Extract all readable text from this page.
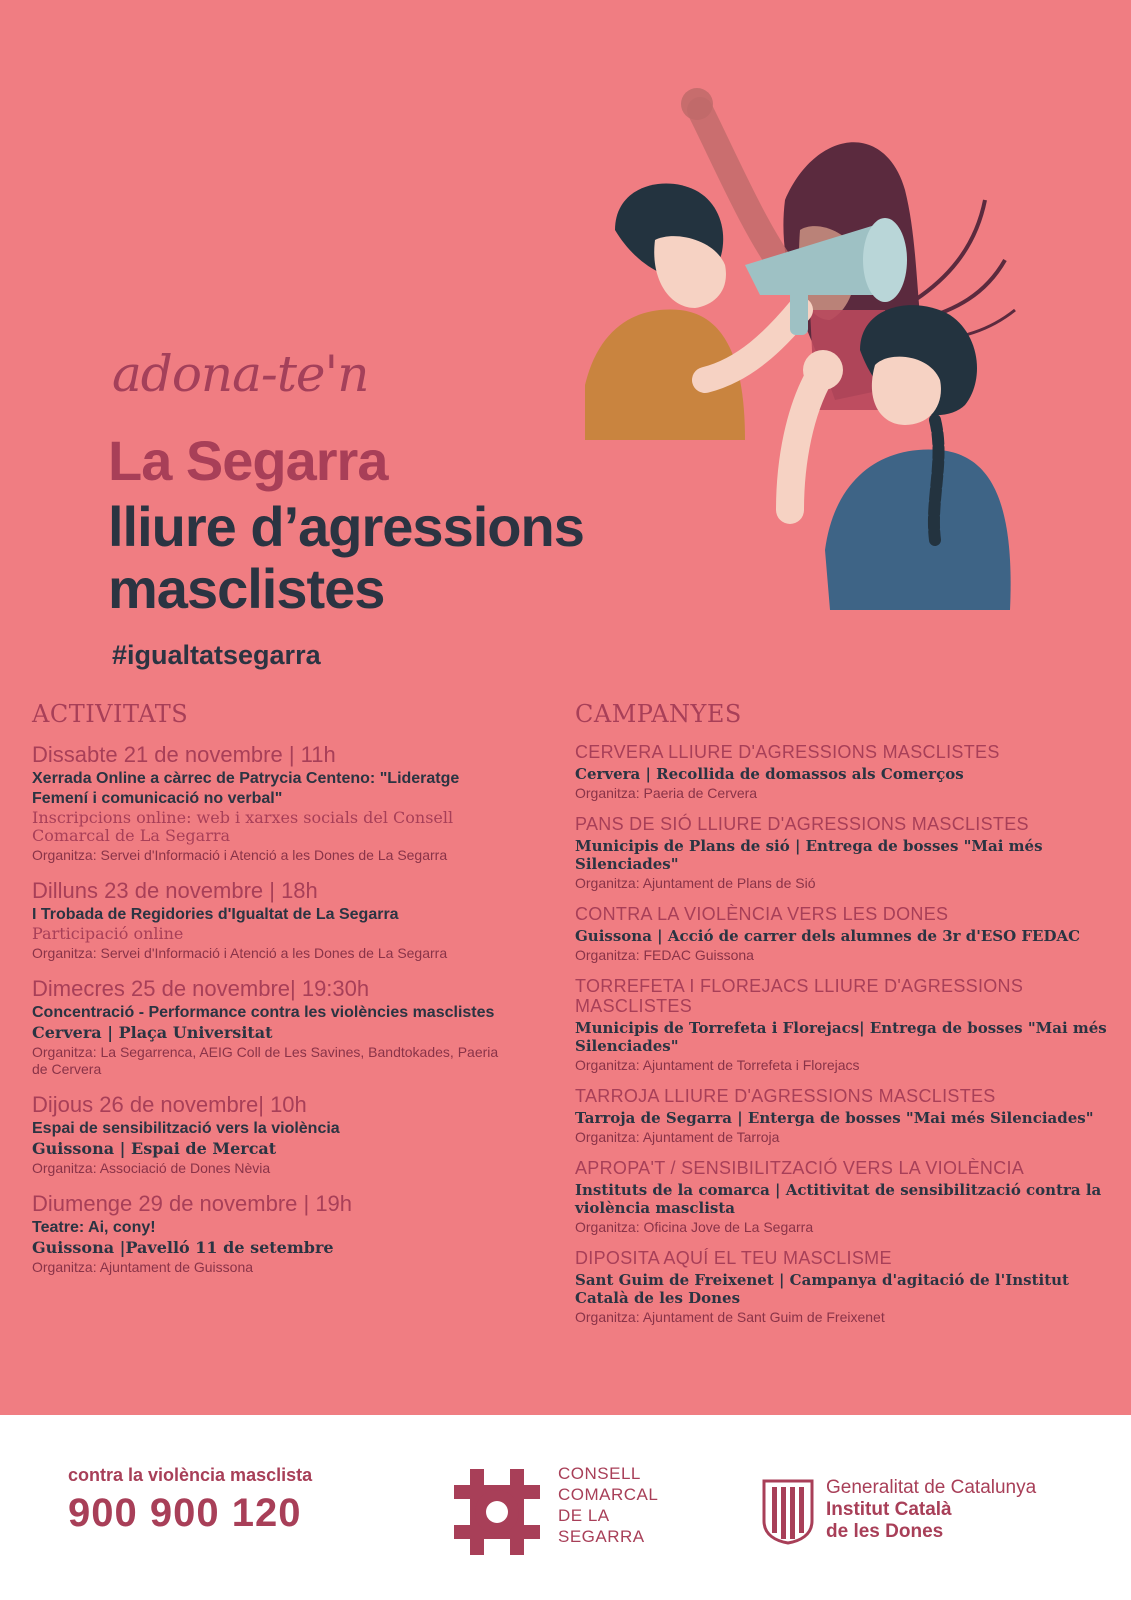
adona-te'n
La Segarra
lliure d’agressions
masclistes
#igualtatsegarra
ACTIVITATS
Dissabte 21 de novembre | 11h
Xerrada Online a càrrec de Patrycia Centeno: "Lideratge Femení i comunicació no verbal"
Inscripcions online: web i xarxes socials del Consell Comarcal de La Segarra
Organitza: Servei d'Informació i Atenció a les Dones de La Segarra
Dilluns 23 de novembre | 18h
I Trobada de Regidories d'Igualtat de La Segarra
Participació online
Organitza: Servei d'Informació i Atenció a les Dones de La Segarra
Dimecres 25 de novembre| 19:30h
Concentració - Performance contra les violències masclistes
Cervera | Plaça Universitat
Organitza: La Segarrenca, AEIG Coll de Les Savines, Bandtokades, Paeria de Cervera
Dijous 26 de novembre| 10h
Espai de sensibilització vers la violència
Guissona | Espai de Mercat
Organitza: Associació de Dones Nèvia
Diumenge 29 de novembre | 19h
Teatre: Ai, cony!
Guissona |Pavelló 11 de setembre
Organitza: Ajuntament de Guissona
CAMPANYES
CERVERA LLIURE D'AGRESSIONS MASCLISTES
Cervera | Recollida de domassos als Comerços
Organitza: Paeria de Cervera
PANS DE SIÓ LLIURE D'AGRESSIONS MASCLISTES
Municipis de Plans de sió | Entrega de bosses "Mai més Silenciades"
Organitza: Ajuntament de Plans de Sió
CONTRA LA VIOLÈNCIA VERS LES DONES
Guissona | Acció de carrer dels alumnes de 3r d'ESO FEDAC
Organitza: FEDAC Guissona
TORREFETA I FLOREJACS LLIURE D'AGRESSIONS MASCLISTES
Municipis de Torrefeta i Florejacs| Entrega de bosses "Mai més Silenciades"
Organitza: Ajuntament de Torrefeta i Florejacs
TARROJA LLIURE D'AGRESSIONS MASCLISTES
Tarroja de Segarra | Enterga de bosses "Mai més Silenciades"
Organitza: Ajuntament de Tarroja
APROPA'T / SENSIBILITZACIÓ VERS LA VIOLÈNCIA
Instituts de la comarca | Actitivitat de sensibilització contra la violència masclista
Organitza: Oficina Jove de La Segarra
DIPOSITA AQUÍ EL TEU MASCLISME
Sant Guim de Freixenet | Campanya d'agitació de l'Institut Català de les Dones
Organitza: Ajuntament de Sant Guim de Freixenet
contra la violència masclista
900 900 120
CONSELL
COMARCAL
DE LA
SEGARRA
Generalitat de Catalunya
Institut Català
de les Dones
